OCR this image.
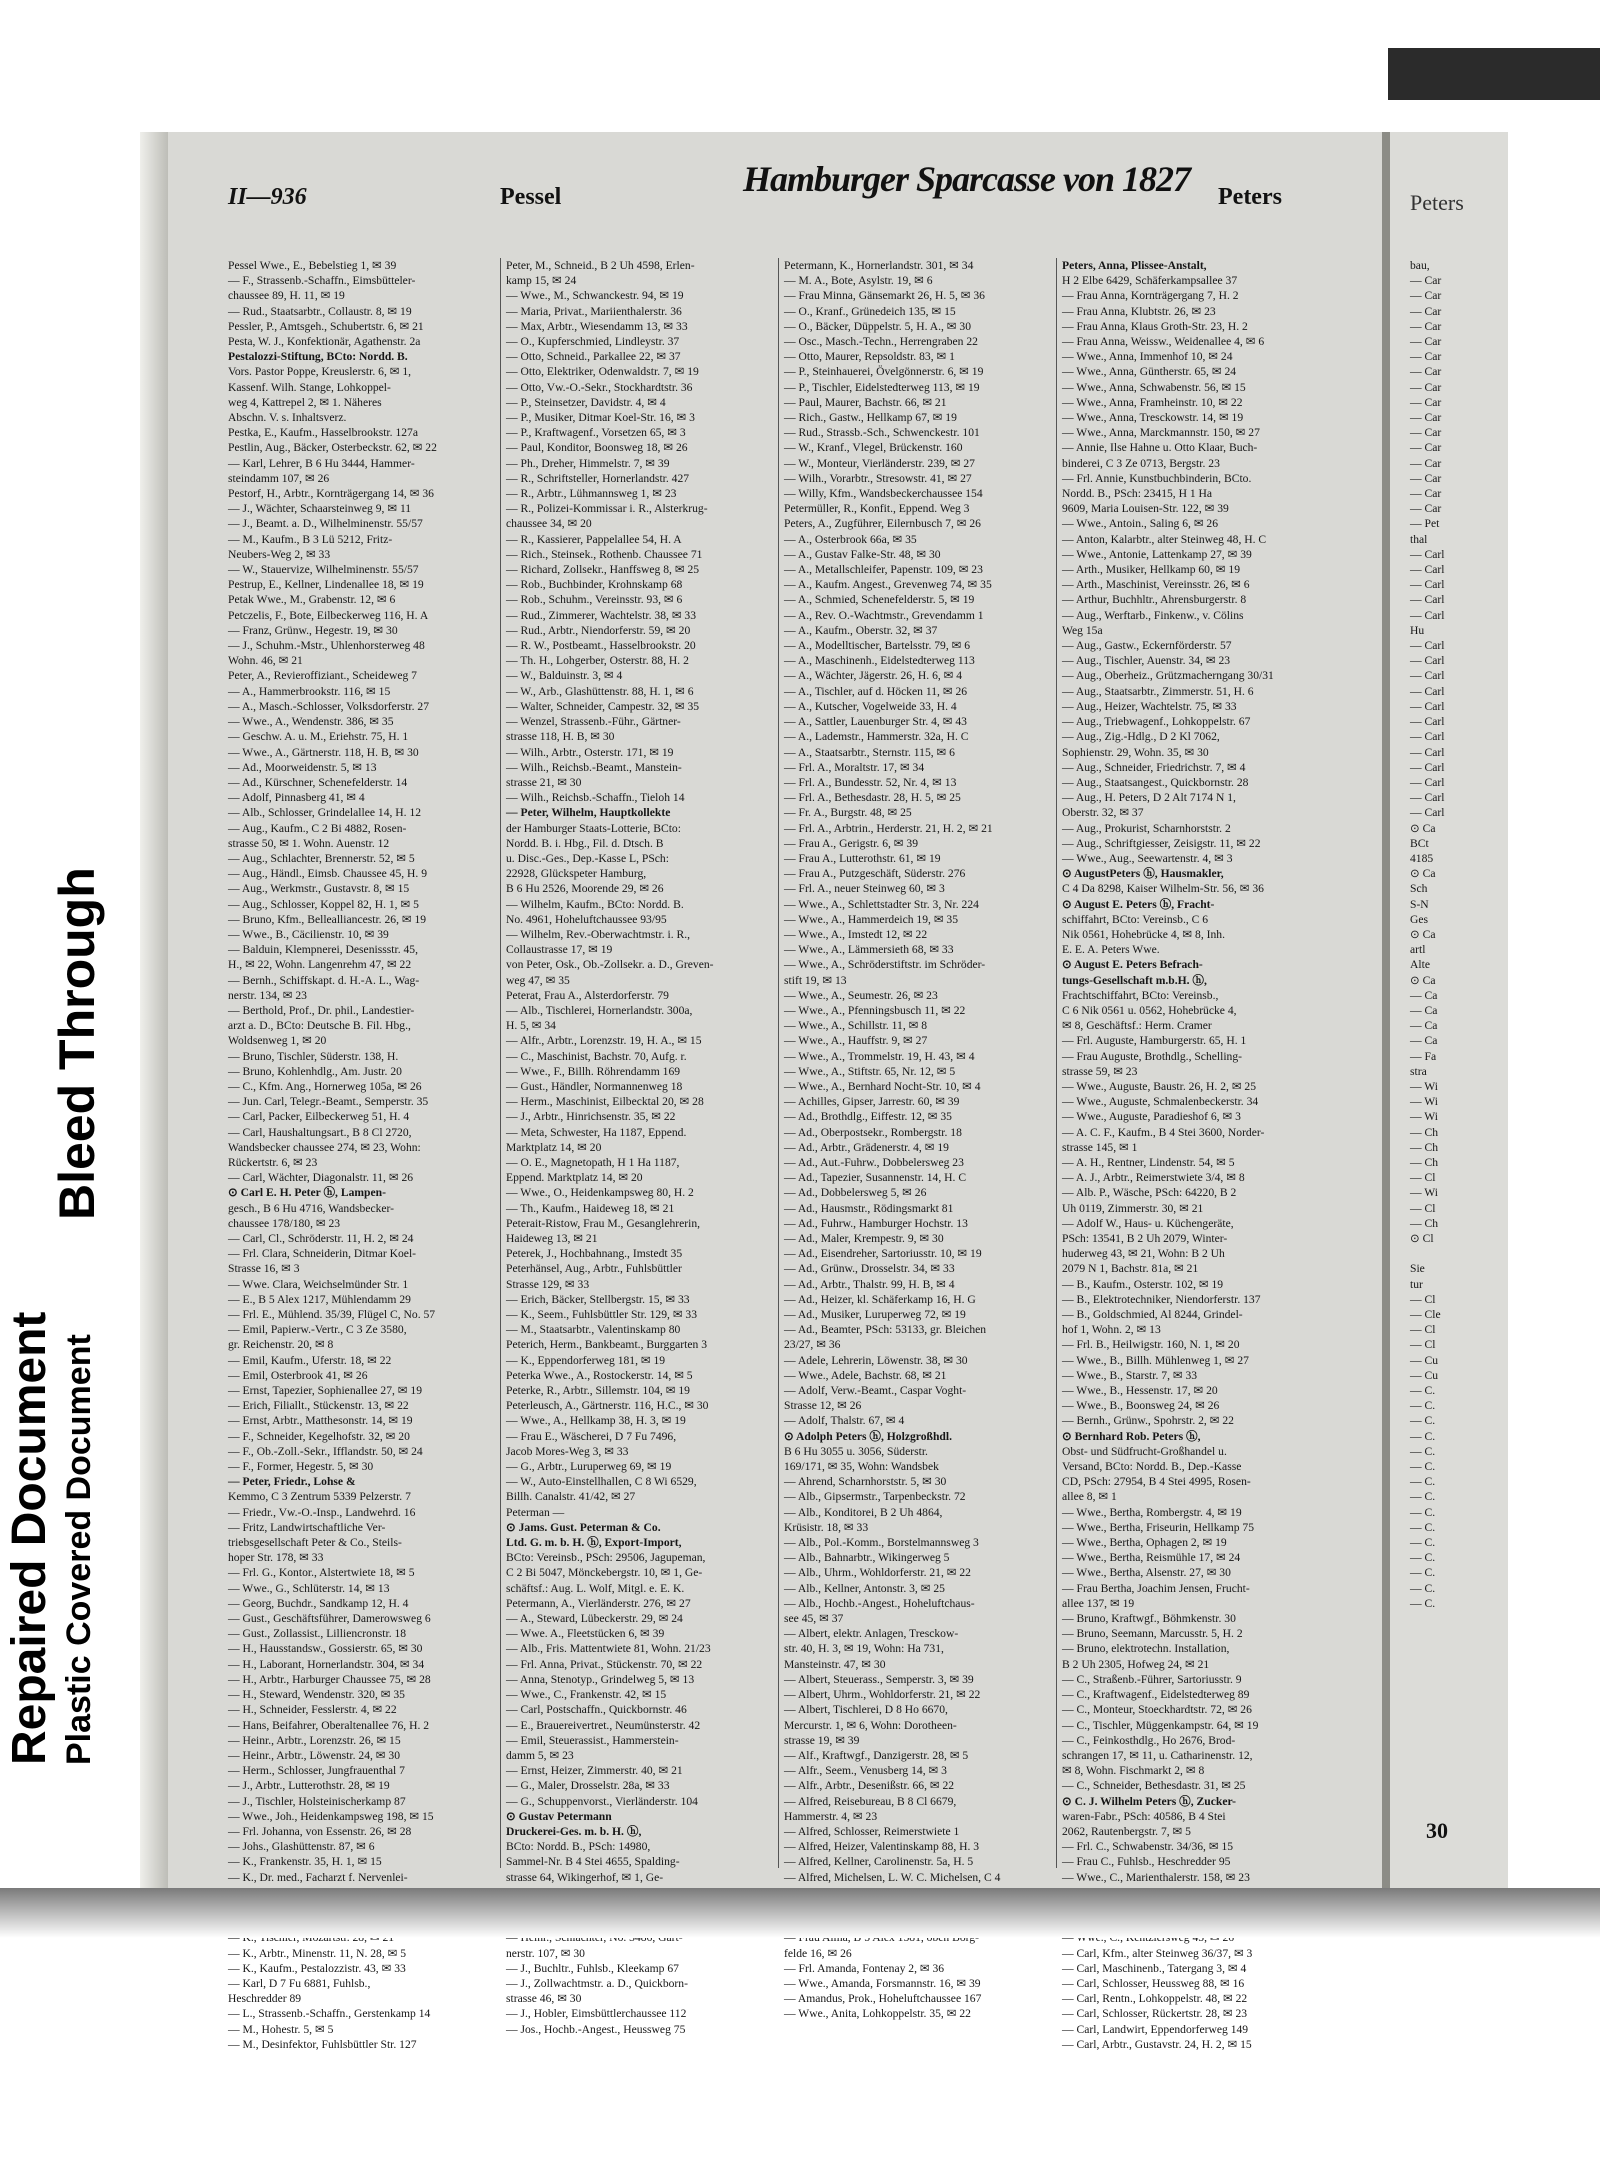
Repaired Document Plastic Covered Document
Bleed Through
II—936	Pessel	Hamburger Sparcasse von 1827 Peters
Pessel Wwe., E., Bebelstieg 1, ✉ 39
— F., Strassenb.-Schaffn., Eimsbütteler-
chaussee 89, H. 11, ✉ 19
— Rud., Staatsarbtr., Collaustr. 8, ✉ 19
Pessler, P., Amtsgeh., Schubertstr. 6, ✉ 21
Pesta, W. J., Konfektionär, Agathenstr. 2a
Pestalozzi-Stiftung, BCto: Nordd. B.
Vors. Pastor Poppe, Kreuslerstr. 6, ✉ 1,
Kassenf. Wilh. Stange, Lohkoppel-
weg 4, Kattrepel 2, ✉ 1. Näheres
Abschn. V. s. Inhaltsverz.
Pestka, E., Kaufm., Hasselbrookstr. 127a
Pestlin, Aug., Bäcker, Osterbeckstr. 62, ✉ 22
— Karl, Lehrer, B 6 Hu 3444, Hammer-
steindamm 107, ✉ 26
Pestorf, H., Arbtr., Kornträgergang 14, ✉ 36
— J., Wächter, Schaarsteinweg 9, ✉ 11
— J., Beamt. a. D., Wilhelminenstr. 55/57
— M., Kaufm., B 3 Lü 5212, Fritz-
Neubers-Weg 2, ✉ 33
— W., Stauervize, Wilhelminenstr. 55/57
Pestrup, E., Kellner, Lindenallee 18, ✉ 19
Petak Wwe., M., Grabenstr. 12, ✉ 6
Petczelis, F., Bote, Eilbeckerweg 116, H. A
— Franz, Grünw., Hegestr. 19, ✉ 30
— J., Schuhm.-Mstr., Uhlenhorsterweg 48
Wohn. 46, ✉ 21
Peter, A., Revieroffiziant., Scheideweg 7
— A., Hammerbrookstr. 116, ✉ 15
— A., Masch.-Schlosser, Volksdorferstr. 27
— Wwe., A., Wendenstr. 386, ✉ 35
— Geschw. A. u. M., Eriehstr. 75, H. 1
— Wwe., A., Gärtnerstr. 118, H. B, ✉ 30
— Ad., Moorweidenstr. 5, ✉ 13
— Ad., Kürschner, Schenefelderstr. 14
— Adolf, Pinnasberg 41, ✉ 4
— Alb., Schlosser, Grindelallee 14, H. 12
— Aug., Kaufm., C 2 Bi 4882, Rosen-
strasse 50, ✉ 1. Wohn. Auenstr. 12
— Aug., Schlachter, Brennerstr. 52, ✉ 5
— Aug., Händl., Eimsb. Chaussee 45, H. 9
— Aug., Werkmstr., Gustavstr. 8, ✉ 15
— Aug., Schlosser, Koppel 82, H. 1, ✉ 5
— Bruno, Kfm., Bellealliancestr. 26, ✉ 19
— Wwe., B., Cäcilienstr. 10, ✉ 39
— Balduin, Klempnerei, Desenissstr. 45,
H., ✉ 22, Wohn. Langenrehm 47, ✉ 22
— Bernh., Schiffskapt. d. H.-A. L., Wag-
nerstr. 134, ✉ 23
— Berthold, Prof., Dr. phil., Landestier-
arzt a. D., BCto: Deutsche B. Fil. Hbg.,
Woldsenweg 1, ✉ 20
— Bruno, Tischler, Süderstr. 138, H.
— Bruno, Kohlenhdlg., Am. Justr. 20
— C., Kfm. Ang., Hornerweg 105a, ✉ 26
— Jun. Carl, Telegr.-Beamt., Semperstr. 35
— Carl, Packer, Eilbeckerweg 51, H. 4
— Carl, Haushaltungsart., B 8 Cl 2720,
Wandsbecker chaussee 274, ✉ 23, Wohn:
Rückertstr. 6, ✉ 23
— Carl, Wächter, Diagonalstr. 11, ✉ 26
⊙ Carl E. H. Peter ⓗ, Lampen-
gesch., B 6 Hu 4716, Wandsbecker-
chaussee 178/180, ✉ 23
— Carl, Cl., Schröderstr. 11, H. 2, ✉ 24
— Frl. Clara, Schneiderin, Ditmar Koel-
Strasse 16, ✉ 3
— Wwe. Clara, Weichselmünder Str. 1
— E., B 5 Alex 1217, Mühlendamm 29
— Frl. E., Mühlend. 35/39, Flügel C, No. 57
— Emil, Papierw.-Vertr., C 3 Ze 3580,
gr. Reichenstr. 20, ✉ 8
— Emil, Kaufm., Uferstr. 18, ✉ 22
— Emil, Osterbrook 41, ✉ 26
— Ernst, Tapezier, Sophienallee 27, ✉ 19
— Erich, Filiallt., Stückenstr. 13, ✉ 22
— Ernst, Arbtr., Matthesonstr. 14, ✉ 19
— F., Schneider, Kegelhofstr. 32, ✉ 20
— F., Ob.-Zoll.-Sekr., Ifflandstr. 50, ✉ 24
— F., Former, Hegestr. 5, ✉ 30
— Peter, Friedr., Lohse &
Kemmo, C 3 Zentrum 5339 Pelzerstr. 7
— Friedr., Vw.-O.-Insp., Landwehrd. 16
— Fritz, Landwirtschaftliche Ver-
triebsgesellschaft Peter & Co., Steils-
hoper Str. 178, ✉ 33
— Frl. G., Kontor., Alstertwiete 18, ✉ 5
— Wwe., G., Schlüterstr. 14, ✉ 13
— Georg, Buchdr., Sandkamp 12, H. 4
— Gust., Geschäftsführer, Damerowsweg 6
— Gust., Zollassist., Lilliencronstr. 18
— H., Hausstandsw., Gossierstr. 65, ✉ 30
— H., Laborant, Hornerlandstr. 304, ✉ 34
— H., Arbtr., Harburger Chaussee 75, ✉ 28
— H., Steward, Wendenstr. 320, ✉ 35
— H., Schneider, Fesslerstr. 4, ✉ 22
— Hans, Beifahrer, Oberaltenallee 76, H. 2
— Heinr., Arbtr., Lorenzstr. 26, ✉ 15
— Heinr., Arbtr., Löwenstr. 24, ✉ 30
— Herm., Schlosser, Jungfrauenthal 7
— J., Arbtr., Lutterothstr. 28, ✉ 19
— J., Tischler, Holsteinischerkamp 87
— Wwe., Joh., Heidenkampsweg 198, ✉ 15
— Frl. Johanna, von Essenstr. 26, ✉ 28
— Johs., Glashüttenstr. 87, ✉ 6
— K., Frankenstr. 35, H. 1, ✉ 15
— K., Dr. med., Facharzt f. Nervenlei-
— K., Arbtr., Minenstr. 11, N. 28, ✉ 5
— K., Kaufm., Pestalozzistr. 43, ✉ 33
— Karl, D 7 Fu 6881, Fuhlsb.,
Heschredder 89
— L., Strassenb.-Schaffn., Gerstenkamp 14
— M., Hohestr. 5, ✉ 5
— M., Desinfektor, Fuhlsbüttler Str. 127
Peter, M., Schneid., B 2 Uh 4598, Erlen-
kamp 15, ✉ 24
— Wwe., M., Schwanckestr. 94, ✉ 19
— Maria, Privat., Mariienthalerstr. 36
— Max, Arbtr., Wiesendamm 13, ✉ 33
— O., Kupferschmied, Lindleystr. 37
— Otto, Schneid., Parkallee 22, ✉ 37
— Otto, Elektriker, Odenwaldstr. 7, ✉ 19
— Otto, Vw.-O.-Sekr., Stockhardtstr. 36
— P., Steinsetzer, Davidstr. 4, ✉ 4
— P., Musiker, Ditmar Koel-Str. 16, ✉ 3
— P., Kraftwagenf., Vorsetzen 65, ✉ 3
— Paul, Konditor, Boonsweg 18, ✉ 26
— Ph., Dreher, Himmelstr. 7, ✉ 39
— R., Schriftsteller, Hornerlandstr. 427
— R., Arbtr., Lühmannsweg 1, ✉ 23
— R., Polizei-Kommissar i. R., Alsterkrug-
chaussee 34, ✉ 20
— R., Kassierer, Pappelallee 54, H. A
— Rich., Steinsek., Rothenb. Chaussee 71
— Richard, Zollsekr., Hanffsweg 8, ✉ 25
— Rob., Buchbinder, Krohnskamp 68
— Rob., Schuhm., Vereinsstr. 93, ✉ 6
— Rud., Zimmerer, Wachtelstr. 38, ✉ 33
— Rud., Arbtr., Niendorferstr. 59, ✉ 20
— R. W., Postbeamt., Hasselbrookstr. 20
— Th. H., Lohgerber, Osterstr. 88, H. 2
— W., Balduinstr. 3, ✉ 4
— W., Arb., Glashüttenstr. 88, H. 1, ✉ 6
— Walter, Schneider, Campestr. 32, ✉ 35
— Wenzel, Strassenb.-Führ., Gärtner-
strasse 118, H. B, ✉ 30
— Wilh., Arbtr., Osterstr. 171, ✉ 19
— Wilh., Reichsb.-Beamt., Manstein-
strasse 21, ✉ 30
— Wilh., Reichsb.-Schaffn., Tieloh 14
— Peter, Wilhelm, Hauptkollekte
der Hamburger Staats-Lotterie, BCto:
Nordd. B. i. Hbg., Fil. d. Dtsch. B
u. Disc.-Ges., Dep.-Kasse L, PSch:
22928, Glückspeter Hamburg,
B 6 Hu 2526, Moorende 29, ✉ 26
— Wilhelm, Kaufm., BCto: Nordd. B.
No. 4961, Hoheluftchaussee 93/95
— Wilhelm, Rev.-Oberwachtmstr. i. R.,
Collaustrasse 17, ✉ 19
von Peter, Osk., Ob.-Zollsekr. a. D., Greven-
weg 47, ✉ 35
Peterat, Frau A., Alsterdorferstr. 79
— Alb., Tischlerei, Hornerlandstr. 300a,
H. 5, ✉ 34
— Alfr., Arbtr., Lorenzstr. 19, H. A., ✉ 15
— C., Maschinist, Bachstr. 70, Aufg. r.
— Wwe., F., Billh. Röhrendamm 169
— Gust., Händler, Normannenweg 18
— Herm., Maschinist, Eilbecktal 20, ✉ 28
— J., Arbtr., Hinrichsenstr. 35, ✉ 22
— Meta, Schwester, Ha 1187, Eppend.
Marktplatz 14, ✉ 20
— O. E., Magnetopath, H 1 Ha 1187,
Eppend. Marktplatz 14, ✉ 20
— Wwe., O., Heidenkampsweg 80, H. 2
— Th., Kaufm., Haideweg 18, ✉ 21
Peterait-Ristow, Frau M., Gesanglehrerin,
Haideweg 13, ✉ 21
Peterek, J., Hochbahnang., Imstedt 35
Peterhänsel, Aug., Arbtr., Fuhlsbüttler
Strasse 129, ✉ 33
— Erich, Bäcker, Stellbergstr. 15, ✉ 33
— K., Seem., Fuhlsbüttler Str. 129, ✉ 33
— M., Staatsarbtr., Valentinskamp 80
Peterich, Herm., Bankbeamt., Burggarten 3
— K., Eppendorferweg 181, ✉ 19
Peterka Wwe., A., Rostockerstr. 14, ✉ 5
Peterke, R., Arbtr., Sillemstr. 104, ✉ 19
Peterleusch, A., Gärtnerstr. 116, H.C., ✉ 30
— Wwe., A., Hellkamp 38, H. 3, ✉ 19
— Frau E., Wäscherei, D 7 Fu 7496,
Jacob Mores-Weg 3, ✉ 33
— G., Arbtr., Luruperweg 69, ✉ 19
— W., Auto-Einstellhallen, C 8 Wi 6529,
Billh. Canalstr. 41/42, ✉ 27
Peterman —
⊙ Jams. Gust. Peterman & Co.
Ltd. G. m. b. H. ⓗ, Export-Import,
BCto: Vereinsb., PSch: 29506, Jagupeman,
C 2 Bi 5047, Mönckebergstr. 10, ✉ 1, Ge-
schäftsf.: Aug. L. Wolf, Mitgl. e. E. K.
Petermann, A., Vierländerstr. 276, ✉ 27
— A., Steward, Lübeckerstr. 29, ✉ 24
— Wwe. A., Fleetstücken 6, ✉ 39
— Alb., Fris. Mattentwiete 81, Wohn. 21/23
— Frl. Anna, Privat., Stückenstr. 70, ✉ 22
— Anna, Stenotyp., Grindelweg 5, ✉ 13
— Wwe., C., Frankenstr. 42, ✉ 15
— Carl, Postschaffn., Quickbornstr. 46
— E., Brauereivertret., Neumünsterstr. 42
— Emil, Steuerassist., Hammerstein-
damm 5, ✉ 23
— Ernst, Heizer, Zimmerstr. 40, ✉ 21
— G., Maler, Drosselstr. 28a, ✉ 33
— G., Schuppenvorst., Vierländerstr. 104
⊙ Gustav Petermann
Druckerei-Ges. m. b. H. ⓗ,
BCto: Nordd. B., PSch: 14980,
Sammel-Nr. B 4 Stei 4655, Spalding-
strasse 64, Wikingerhof, ✉ 1, Ge-
nerstr. 107, ✉ 30
— J., Buchltr., Fuhlsb., Kleekamp 67
— J., Zollwachtmstr. a. D., Quickborn-
strasse 46, ✉ 30
— J., Hobler, Eimsbüttlerchaussee 112
— Jos., Hochb.-Angest., Heussweg 75
Petermann, K., Hornerlandstr. 301, ✉ 34
— M. A., Bote, Asylstr. 19, ✉ 6
— Frau Minna, Gänsemarkt 26, H. 5, ✉ 36
— O., Kranf., Grünedeich 135, ✉ 15
— O., Bäcker, Düppelstr. 5, H. A., ✉ 30
— Osc., Masch.-Techn., Herrengraben 22
— Otto, Maurer, Repsoldstr. 83, ✉ 1
— P., Steinhauerei, Övelgönnerstr. 6, ✉ 19
— P., Tischler, Eidelstedterweg 113, ✉ 19
— Paul, Maurer, Bachstr. 66, ✉ 21
— Rich., Gastw., Hellkamp 67, ✉ 19
— Rud., Strassb.-Sch., Schwenckestr. 101
— W., Kranf., Vlegel, Brückenstr. 160
— W., Monteur, Vierländerstr. 239, ✉ 27
— Wilh., Vorarbtr., Stresowstr. 41, ✉ 27
— Willy, Kfm., Wandsbeckerchaussee 154
Petermüller, R., Konfit., Eppend. Weg 3
Peters, A., Zugführer, Eilernbusch 7, ✉ 26
— A., Osterbrook 66a, ✉ 35
— A., Gustav Falke-Str. 48, ✉ 30
— A., Metallschleifer, Papenstr. 109, ✉ 23
— A., Kaufm. Angest., Grevenweg 74, ✉ 35
— A., Schmied, Schenefelderstr. 5, ✉ 19
— A., Rev. O.-Wachtmstr., Grevendamm 1
— A., Kaufm., Oberstr. 32, ✉ 37
— A., Modelltischer, Bartelsstr. 79, ✉ 6
— A., Maschinenh., Eidelstedterweg 113
— A., Wächter, Jägerstr. 26, H. 6, ✉ 4
— A., Tischler, auf d. Höcken 11, ✉ 26
— A., Kutscher, Vogelweide 33, H. 4
— A., Sattler, Lauenburger Str. 4, ✉ 43
— A., Lademstr., Hammerstr. 32a, H. C
— A., Staatsarbtr., Sternstr. 115, ✉ 6
— Frl. A., Moraltstr. 17, ✉ 34
— Frl. A., Bundesstr. 52, Nr. 4, ✉ 13
— Frl. A., Bethesdastr. 28, H. 5, ✉ 25
— Fr. A., Burgstr. 48, ✉ 25
— Frl. A., Arbtrin., Herderstr. 21, H. 2, ✉ 21
— Frau A., Gerigstr. 6, ✉ 39
— Frau A., Lutterothstr. 61, ✉ 19
— Frau A., Putzgeschäft, Süderstr. 276
— Frl. A., neuer Steinweg 60, ✉ 3
— Wwe., A., Schlettstadter Str. 3, Nr. 224
— Wwe., A., Hammerdeich 19, ✉ 35
— Wwe., A., Imstedt 12, ✉ 22
— Wwe., A., Lämmersieth 68, ✉ 33
— Wwe., A., Schröderstiftstr. im Schröder-
stift 19, ✉ 13
— Wwe., A., Seumestr. 26, ✉ 23
— Wwe., A., Pfenningsbusch 11, ✉ 22
— Wwe., A., Schillstr. 11, ✉ 8
— Wwe., A., Hauffstr. 9, ✉ 27
— Wwe., A., Trommelstr. 19, H. 43, ✉ 4
— Wwe., A., Stiftstr. 65, Nr. 12, ✉ 5
— Wwe., A., Bernhard Nocht-Str. 10, ✉ 4
— Achilles, Gipser, Jarrestr. 60, ✉ 39
— Ad., Brothdlg., Eiffestr. 12, ✉ 35
— Ad., Oberpostsekr., Rombergstr. 18
— Ad., Arbtr., Grädenerstr. 4, ✉ 19
— Ad., Aut.-Fuhrw., Dobbelersweg 23
— Ad., Tapezier, Susannenstr. 14, H. C
— Ad., Dobbelersweg 5, ✉ 26
— Ad., Hausmstr., Rödingsmarkt 81
— Ad., Fuhrw., Hamburger Hochstr. 13
— Ad., Maler, Krempestr. 9, ✉ 30
— Ad., Eisendreher, Sartoriusstr. 10, ✉ 19
— Ad., Grünw., Drosselstr. 34, ✉ 33
— Ad., Arbtr., Thalstr. 99, H. B, ✉ 4
— Ad., Heizer, kl. Schäferkamp 16, H. G
— Ad., Musiker, Luruperweg 72, ✉ 19
— Ad., Beamter, PSch: 53133, gr. Bleichen
23/27, ✉ 36
— Adele, Lehrerin, Löwenstr. 38, ✉ 30
— Wwe., Adele, Bachstr. 68, ✉ 21
— Adolf, Verw.-Beamt., Caspar Voght-
Strasse 12, ✉ 26
— Adolf, Thalstr. 67, ✉ 4
⊙ Adolph Peters ⓗ, Holzgroßhdl.
B 6 Hu 3055 u. 3056, Süderstr.
169/171, ✉ 35, Wohn: Wandsbek
— Ahrend, Scharnhorststr. 5, ✉ 30
— Alb., Gipsermstr., Tarpenbeckstr. 72
— Alb., Konditorei, B 2 Uh 4864,
Krüsistr. 18, ✉ 33
— Alb., Pol.-Komm., Borstelmannsweg 3
— Alb., Bahnarbtr., Wikingerweg 5
— Alb., Uhrm., Wohldorferstr. 21, ✉ 22
— Alb., Kellner, Antonstr. 3, ✉ 25
— Alb., Hochb.-Angest., Hoheluftchaus-
see 45, ✉ 37
— Albert, elektr. Anlagen, Tresckow-
str. 40, H. 3, ✉ 19, Wohn: Ha 731,
Mansteinstr. 47, ✉ 30
— Albert, Steuerass., Semperstr. 3, ✉ 39
— Albert, Uhrm., Wohldorferstr. 21, ✉ 22
— Albert, Tischlerei, D 8 Ho 6670,
Mercurstr. 1, ✉ 6, Wohn: Dorotheen-
strasse 19, ✉ 39
— Alf., Kraftwgf., Danzigerstr. 28, ✉ 5
— Alfr., Seem., Venusberg 14, ✉ 3
— Alfr., Arbtr., Desenißstr. 66, ✉ 22
— Alfred, Reisebureau, B 8 Cl 6679,
Hammerstr. 4, ✉ 23
— Alfred, Schlosser, Reimerstwiete 1
— Alfred, Heizer, Valentinskamp 88, H. 3
— Alfred, Kellner, Carolinenstr. 5a, H. 5
— Alfred, Michelsen, L. W. C. Michelsen, C 4
felde 16, ✉ 26
— Frl. Amanda, Fontenay 2, ✉ 36
— Wwe., Amanda, Forsmannstr. 16, ✉ 39
— Amandus, Prok., Hoheluftchaussee 167
— Wwe., Anita, Lohkoppelstr. 35, ✉ 22
Peters, Anna, Plissee-Anstalt,
H 2 Elbe 6429, Schäferkampsallee 37
— Frau Anna, Kornträgergang 7, H. 2
— Frau Anna, Klubtstr. 26, ✉ 23
— Frau Anna, Klaus Groth-Str. 23, H. 2
— Frau Anna, Weissw., Weidenallee 4, ✉ 6
— Wwe., Anna, Immenhof 10, ✉ 24
— Wwe., Anna, Güntherstr. 65, ✉ 24
— Wwe., Anna, Schwabenstr. 56, ✉ 15
— Wwe., Anna, Framheinstr. 10, ✉ 22
— Wwe., Anna, Tresckowstr. 14, ✉ 19
— Wwe., Anna, Marckmannstr. 150, ✉ 27
— Annie, Ilse Hahne u. Otto Klaar, Buch-
binderei, C 3 Ze 0713, Bergstr. 23
— Frl. Annie, Kunstbuchbinderin, BCto.
Nordd. B., PSch: 23415, H 1 Ha
9609, Maria Louisen-Str. 122, ✉ 39
— Wwe., Antoin., Saling 6, ✉ 26
— Anton, Kalarbtr., alter Steinweg 48, H. C
— Wwe., Antonie, Lattenkamp 27, ✉ 39
— Arth., Musiker, Hellkamp 60, ✉ 19
— Arth., Maschinist, Vereinsstr. 26, ✉ 6
— Arthur, Buchhltr., Ahrensburgerstr. 8
— Aug., Werftarb., Finkenw., v. Cölins
Weg 15a
— Aug., Gastw., Eckernförderstr. 57
— Aug., Tischler, Auenstr. 34, ✉ 23
— Aug., Oberheiz., Grützmacherngang 30/31
— Aug., Staatsarbtr., Zimmerstr. 51, H. 6
— Aug., Heizer, Wachtelstr. 75, ✉ 33
— Aug., Triebwagenf., Lohkoppelstr. 67
— Aug., Zig.-Hdlg., D 2 Kl 7062,
Sophienstr. 29, Wohn. 35, ✉ 30
— Aug., Schneider, Friedrichstr. 7, ✉ 4
— Aug., Staatsangest., Quickbornstr. 28
— Aug., H. Peters, D 2 Alt 7174 N 1,
Oberstr. 32, ✉ 37
— Aug., Prokurist, Scharnhorststr. 2
— Aug., Schriftgiesser, Zeisigstr. 11, ✉ 22
— Wwe., Aug., Seewartenstr. 4, ✉ 3
⊙ AugustPeters ⓗ, Hausmakler,
C 4 Da 8298, Kaiser Wilhelm-Str. 56, ✉ 36
⊙ August E. Peters ⓗ, Fracht-
schiffahrt, BCto: Vereinsb., C 6
Nik 0561, Hohebrücke 4, ✉ 8, Inh.
E. E. A. Peters Wwe.
⊙ August E. Peters Befrach-
tungs-Gesellschaft m.b.H. ⓗ,
Frachtschiffahrt, BCto: Vereinsb.,
C 6 Nik 0561 u. 0562, Hohebrücke 4,
✉ 8, Geschäftsf.: Herm. Cramer
— Frl. Auguste, Hamburgerstr. 65, H. 1
— Frau Auguste, Brothdlg., Schelling-
strasse 59, ✉ 23
— Wwe., Auguste, Baustr. 26, H. 2, ✉ 25
— Wwe., Auguste, Schmalenbeckerstr. 34
— Wwe., Auguste, Paradieshof 6, ✉ 3
— A. C. F., Kaufm., B 4 Stei 3600, Norder-
strasse 145, ✉ 1
— A. H., Rentner, Lindenstr. 54, ✉ 5
— A. J., Arbtr., Reimerstwiete 3/4, ✉ 8
— Alb. P., Wäsche, PSch: 64220, B 2
Uh 0119, Zimmerstr. 30, ✉ 21
— Adolf W., Haus- u. Küchengeräte,
PSch: 13541, B 2 Uh 2079, Winter-
huderweg 43, ✉ 21, Wohn: B 2 Uh
2079 N 1, Bachstr. 81a, ✉ 21
— B., Kaufm., Osterstr. 102, ✉ 19
— B., Elektrotechniker, Niendorferstr. 137
— B., Goldschmied, Al 8244, Grindel-
hof 1, Wohn. 2, ✉ 13
— Frl. B., Heilwigstr. 160, N. 1, ✉ 20
— Wwe., B., Billh. Mühlenweg 1, ✉ 27
— Wwe., B., Starstr. 7, ✉ 33
— Wwe., B., Hessenstr. 17, ✉ 20
— Wwe., B., Boonsweg 24, ✉ 26
— Bernh., Grünw., Spohrstr. 2, ✉ 22
⊙ Bernhard Rob. Peters ⓗ,
Obst- und Südfrucht-Großhandel u.
Versand, BCto: Nordd. B., Dep.-Kasse
CD, PSch: 27954, B 4 Stei 4995, Rosen-
allee 8, ✉ 1
— Wwe., Bertha, Rombergstr. 4, ✉ 19
— Wwe., Bertha, Friseurin, Hellkamp 75
— Wwe., Bertha, Ophagen 2, ✉ 19
— Wwe., Bertha, Reismühle 17, ✉ 24
— Wwe., Bertha, Alsenstr. 27, ✉ 30
— Frau Bertha, Joachim Jensen, Frucht-
allee 137, ✉ 19
— Bruno, Kraftwgf., Böhmkenstr. 30
— Bruno, Seemann, Marcusstr. 5, H. 2
— Bruno, elektrotechn. Installation,
B 2 Uh 2305, Hofweg 24, ✉ 21
— C., Straßenb.-Führer, Sartoriusstr. 9
— C., Kraftwagenf., Eidelstedterweg 89
— C., Monteur, Stoeckhardtstr. 72, ✉ 26
— C., Tischler, Müggenkampstr. 64, ✉ 19
— C., Feinkosthdlg., Ho 2676, Brod-
schrangen 17, ✉ 11, u. Catharinenstr. 12,
✉ 8, Wohn. Fischmarkt 2, ✉ 8
— C., Schneider, Bethesdastr. 31, ✉ 25
⊙ C. J. Wilhelm Peters ⓗ, Zucker-
waren-Fabr., PSch: 40586, B 4 Stei
2062, Rautenbergstr. 7, ✉ 5
— Frl. C., Schwabenstr. 34/36, ✉ 15
— Frau C., Fuhlsb., Heschredder 95
— Wwe., C., Marienthalerstr. 158, ✉ 23
— Carl, Kfm., alter Steinweg 36/37, ✉ 3
— Carl, Maschinenb., Tatergang 3, ✉ 4
— Carl, Schlosser, Heussweg 88, ✉ 16
— Carl, Rentn., Lohkoppelstr. 48, ✉ 22
— Carl, Schlosser, Rückertstr. 28, ✉ 23
— Carl, Landwirt, Eppendorferweg 149
— Carl, Arbtr., Gustavstr. 24, H. 2, ✉ 15
Peters
bau,
— Car
— Car
— Car
— Car
— Car
— Car
— Car
— Car
— Car
— Car
— Car
— Car
— Car
— Car
— Car
— Car
— Pet
thal
— Carl
— Carl
— Carl
— Carl
— Carl
Hu
— Carl
— Carl
— Carl
— Carl
— Carl
— Carl
— Carl
— Carl
— Carl
— Carl
— Carl
— Carl
⊙ Ca
BCt
4185
⊙ Ca
Sch
S-N
Ges
⊙ Ca
artl
Alte
⊙ Ca
— Ca
— Ca
— Ca
— Ca
— Fa
stra
— Wi
— Wi
— Wi
— Ch
— Ch
— Ch
— Cl
— Wi
— Cl
— Ch
⊙ Cl

Sie
tur
— Cl
— Cle
— Cl
— Cl
— Cu
— Cu
— C.
— C.
— C.
— C.
— C.
— C.
— C.
— C.
— C.
— C.
— C.
— C.
— C.
— C.
— C.
30
